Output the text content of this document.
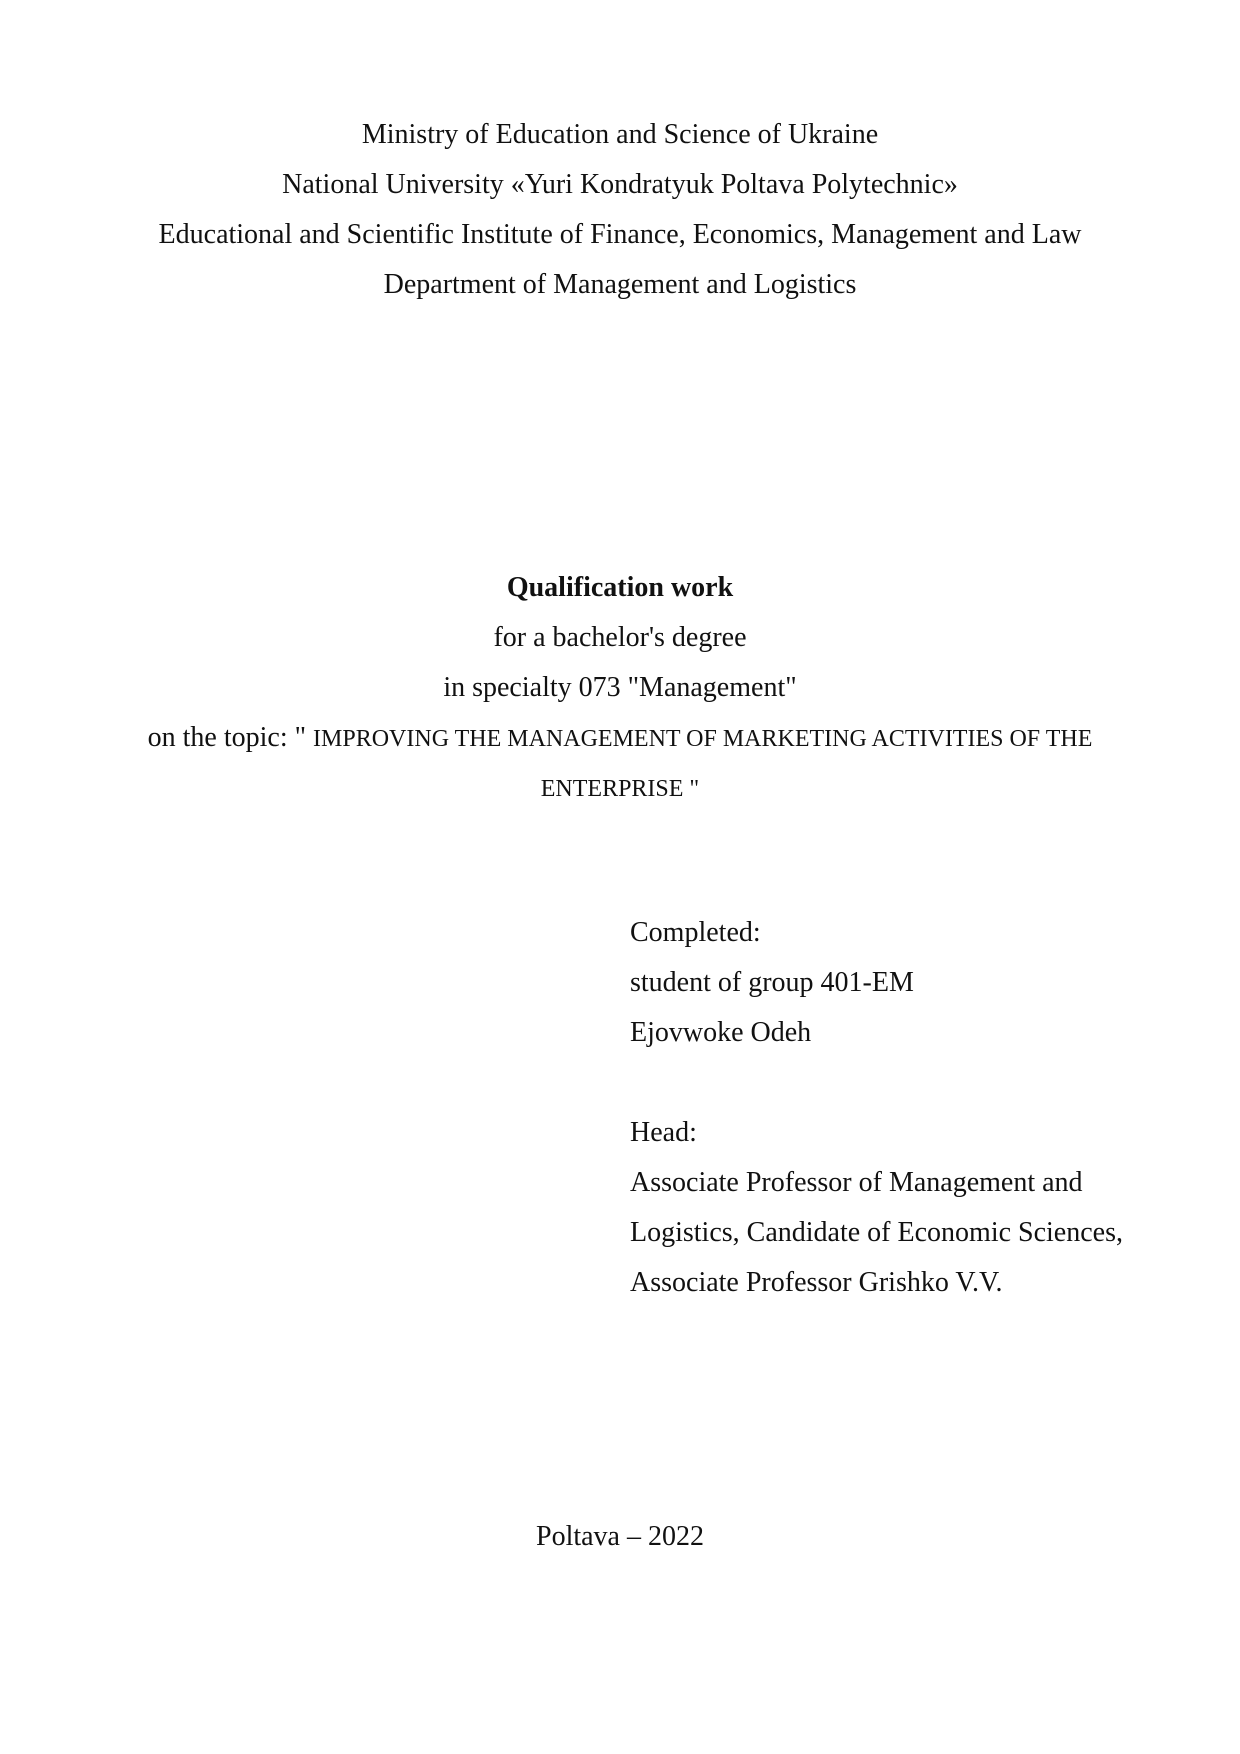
Ministry of Education and Science of Ukraine
National University «Yuri Kondratyuk Poltava Polytechnic»
Educational and Scientific Institute of Finance, Economics, Management and Law
Department of Management and Logistics
Qualification work
for a bachelor's degree
in specialty 073 "Management"
on the topic: " IMPROVING THE MANAGEMENT OF MARKETING ACTIVITIES OF THE
ENTERPRISE "
Completed:
student of group 401-EM
Ejovwoke Odeh
Head:
Associate Professor of Management and
Logistics, Candidate of Economic Sciences,
Associate Professor Grishko V.V.
Poltava – 2022
